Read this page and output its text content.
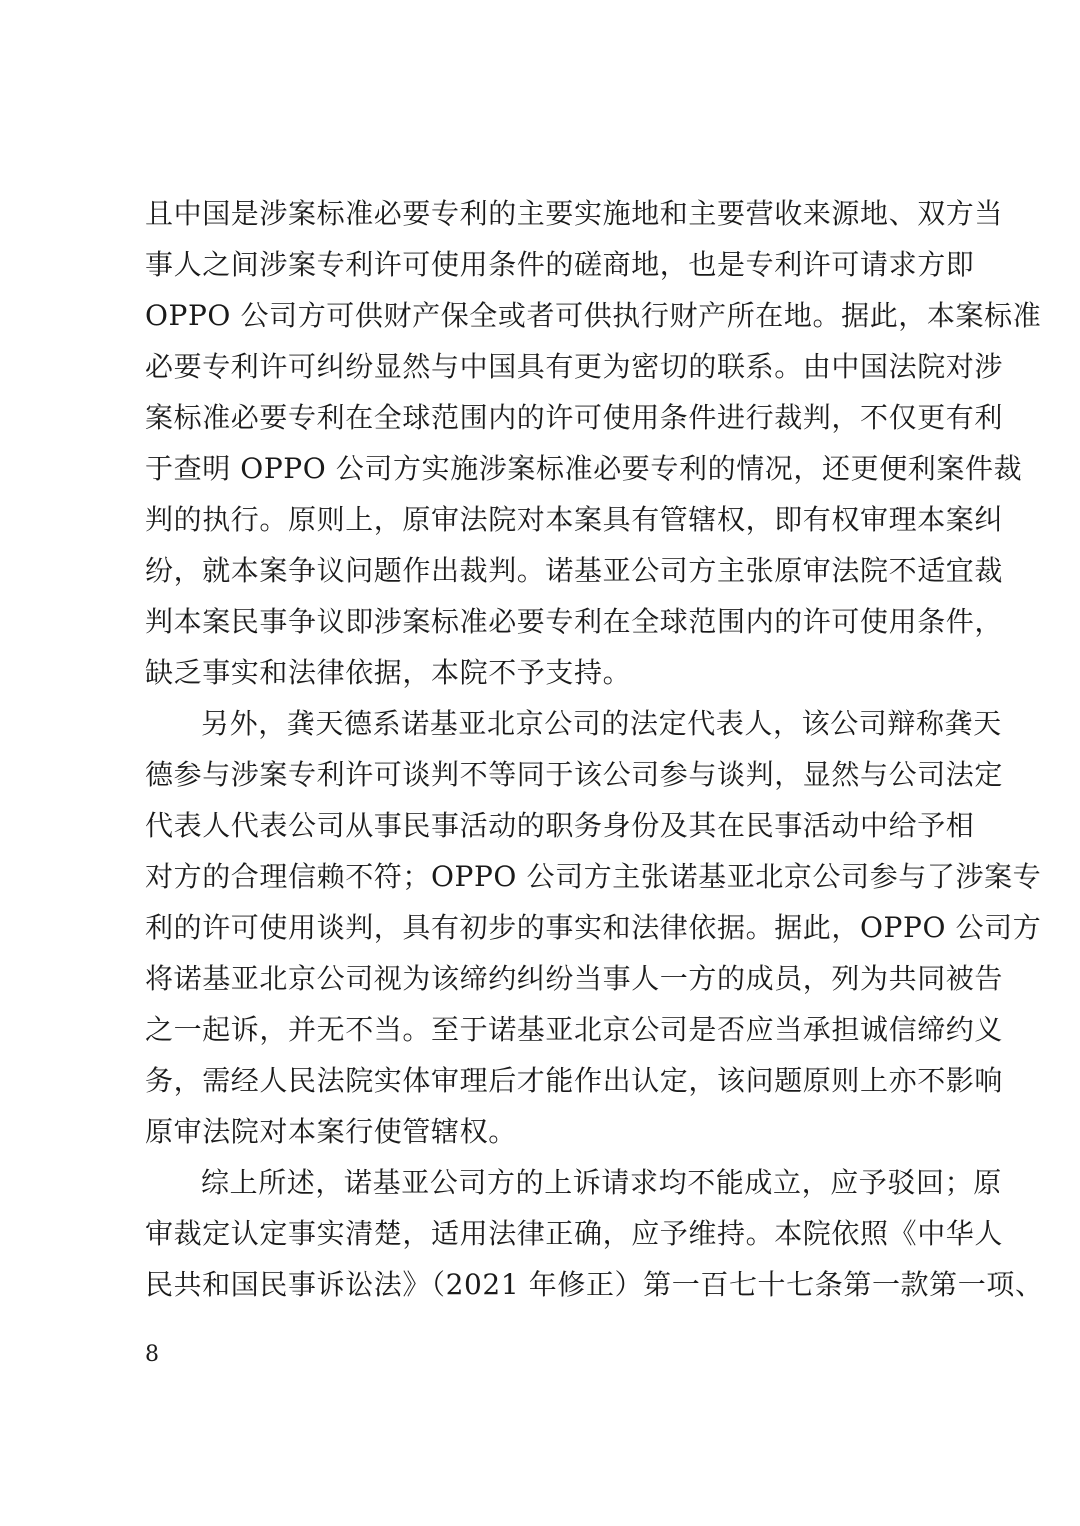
且中国是涉案标准必要专利的主要实施地和主要营收来源地、双方当
事人之间涉案专利许可使用条件的磋商地，也是专利许可请求方即
OPPO 公司方可供财产保全或者可供执行财产所在地。据此，本案标准
必要专利许可纠纷显然与中国具有更为密切的联系。由中国法院对涉
案标准必要专利在全球范围内的许可使用条件进行裁判，不仅更有利
于查明 OPPO 公司方实施涉案标准必要专利的情况，还更便利案件裁
判的执行。原则上，原审法院对本案具有管辖权，即有权审理本案纠
纷，就本案争议问题作出裁判。诺基亚公司方主张原审法院不适宜裁
判本案民事争议即涉案标准必要专利在全球范围内的许可使用条件，
缺乏事实和法律依据，本院不予支持。
另外，龚天德系诺基亚北京公司的法定代表人，该公司辩称龚天
德参与涉案专利许可谈判不等同于该公司参与谈判，显然与公司法定
代表人代表公司从事民事活动的职务身份及其在民事活动中给予相
对方的合理信赖不符；OPPO 公司方主张诺基亚北京公司参与了涉案专
利的许可使用谈判，具有初步的事实和法律依据。据此，OPPO 公司方
将诺基亚北京公司视为该缔约纠纷当事人一方的成员，列为共同被告
之一起诉，并无不当。至于诺基亚北京公司是否应当承担诚信缔约义
务，需经人民法院实体审理后才能作出认定，该问题原则上亦不影响
原审法院对本案行使管辖权。
综上所述，诺基亚公司方的上诉请求均不能成立，应予驳回；原
审裁定认定事实清楚，适用法律正确，应予维持。本院依照《中华人
民共和国民事诉讼法》（2021 年修正）第一百七十七条第一款第一项、
8
